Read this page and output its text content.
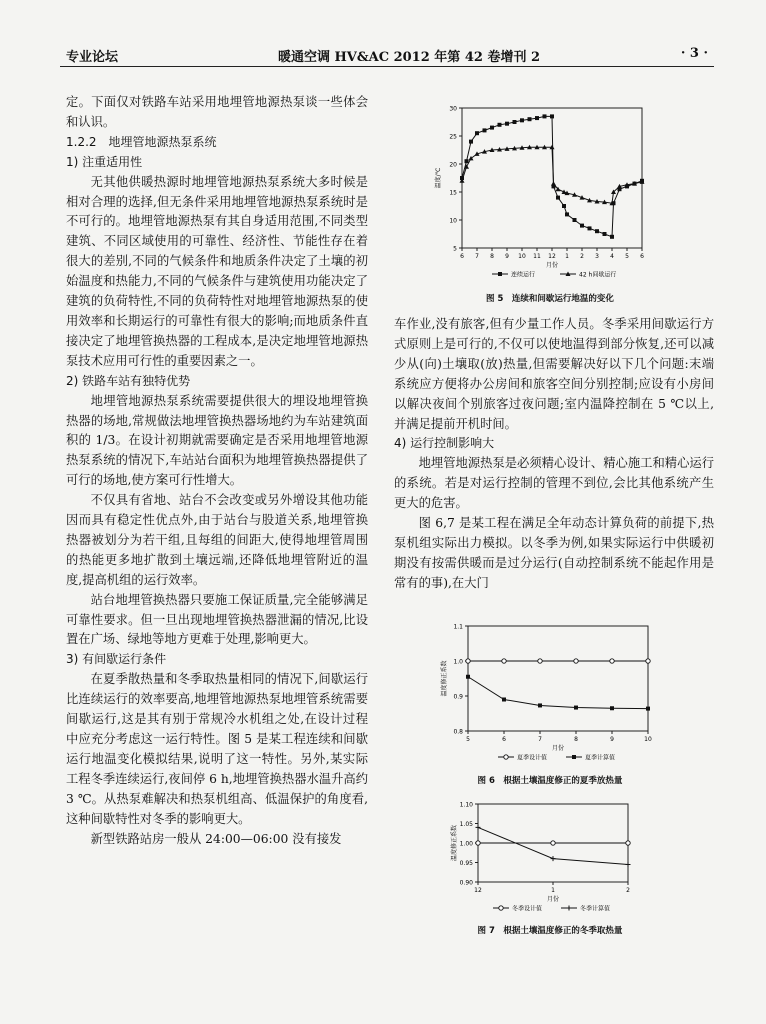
专业论坛	暖通空调 HV&AC 2012 年第 42 卷增刊 2	· 3 ·

定。下面仅对铁路车站采用地埋管地源热泵谈一些体会和认识。

1.2.2　地埋管地源热泵系统

1) 注重适用性

无其他供暖热源时地埋管地源热泵系统大多时候是相对合理的选择,但无条件采用地埋管地源热泵系统时是不可行的。地埋管地源热泵有其自身适用范围,不同类型建筑、不同区域使用的可靠性、经济性、节能性存在着很大的差别,不同的气候条件和地质条件决定了土壤的初始温度和热能力,不同的气候条件与建筑使用功能决定了建筑的负荷特性,不同的负荷特性对地埋管地源热泵的使用效率和长期运行的可靠性有很大的影响;而地质条件直接决定了地埋管换热器的工程成本,是决定地埋管地源热泵技术应用可行性的重要因素之一。

2) 铁路车站有独特优势

地埋管地源热泵系统需要提供很大的埋设地埋管换热器的场地,常规做法地埋管换热器场地约为车站建筑面积的 1/3。在设计初期就需要确定是否采用地埋管地源热泵系统的情况下,车站站台面积为地埋管换热器提供了可行的场地,使方案可行性增大。

不仅具有省地、站台不会改变或另外增设其他功能因而具有稳定性优点外,由于站台与股道关系,地埋管换热器被划分为若干组,且每组的间距大,使得地埋管周围的热能更多地扩散到土壤远端,还降低地埋管附近的温度,提高机组的运行效率。

站台地埋管换热器只要施工保证质量,完全能够满足可靠性要求。但一旦出现地埋管换热器泄漏的情况,比设置在广场、绿地等地方更难于处理,影响更大。

3) 有间歇运行条件

在夏季散热量和冬季取热量相同的情况下,间歇运行比连续运行的效率要高,地埋管地源热泵地埋管系统需要间歇运行,这是其有别于常规冷水机组之处,在设计过程中应充分考虑这一运行特性。图 5 是某工程连续和间歇运行地温变化模拟结果,说明了这一特性。另外,某实际工程冬季连续运行,夜间停 6 h,地埋管换热器水温升高约 3 ℃。从热泵难解决和热泵机组高、低温保护的角度看,这种间歇特性对冬季的影响更大。

新型铁路站房一般从 24:00—06:00 没有接发

车作业,没有旅客,但有少量工作人员。冬季采用间歇运行方式原则上是可行的,不仅可以使地温得到部分恢复,还可以减少从(向)土壤取(放)热量,但需要解决好以下几个问题:末端系统应方便将办公房间和旅客空间分别控制;应设有小房间以解决夜间个别旅客过夜问题;室内温降控制在 5 ℃以上,并满足提前开机时间。

4) 运行控制影响大

地埋管地源热泵是必须精心设计、精心施工和精心运行的系统。若是对运行控制的管理不到位,会比其他系统产生更大的危害。

图 6,7 是某工程在满足全年动态计算负荷的前提下,热泵机组实际出力模拟。以冬季为例,如果实际运行中供暖初期没有按需供暖而是过分运行(自动控制系统不能起作用是常有的事),在大门

5
10
15
20
25
30
6 7 8 9 10 11 12 1 2 3 4 5 6
月份
温度/℃
连续运行	42 h间歇运行
图 5　连续和间歇运行地温的变化
0.8
0.9
1.0
1.1
5	6	7	8	9	10
月份
温度修正系数
夏季设计值	夏季计算值
图 6　根据土壤温度修正的夏季放热量
0.90
0.95
1.00
1.05
1.10
12	1	2
月份
温度修正系数
冬季设计值	冬季计算值
图 7　根据土壤温度修正的冬季取热量
